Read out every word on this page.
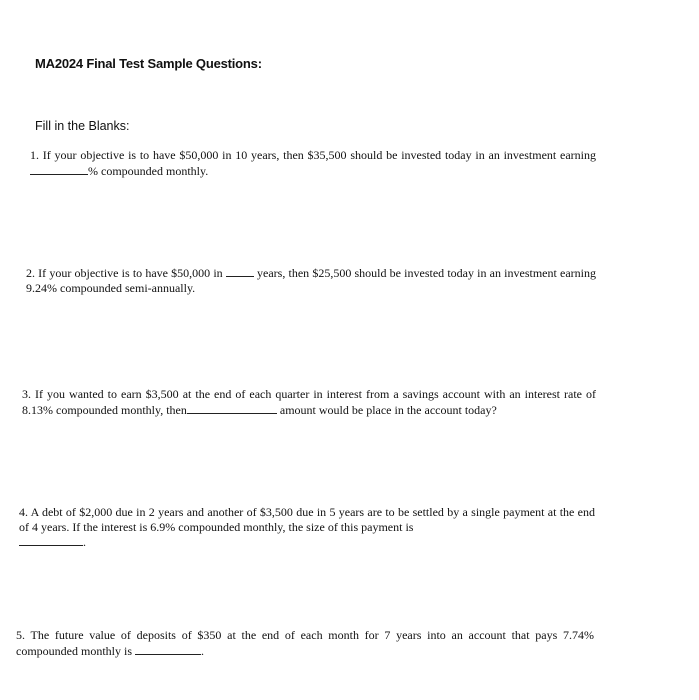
MA2024 Final Test Sample Questions:
Fill in the Blanks:

1. If your objective is to have $50,000 in 10 years, then $35,500 should be invested today in an investment earning% compounded monthly.

2. If your objective is to have $50,000 in	years, then $25,500 should be invested today in an investment earning 9.24% compounded semi-annually.

3. If you wanted to earn $3,500 at the end of each quarter in interest from a savings account with an interest rate of 8.13% compounded monthly, then	amount would be place in the account today?

4. A debt of $2,000 due in 2 years and another of $3,500 due in 5 years are to be settled by a single payment at the end of 4 years. If the interest is 6.9% compounded monthly, the size of this payment is
.

5. The future value of deposits of $350 at the end of each month for 7 years into an account that pays 7.74% compounded monthly is	.
